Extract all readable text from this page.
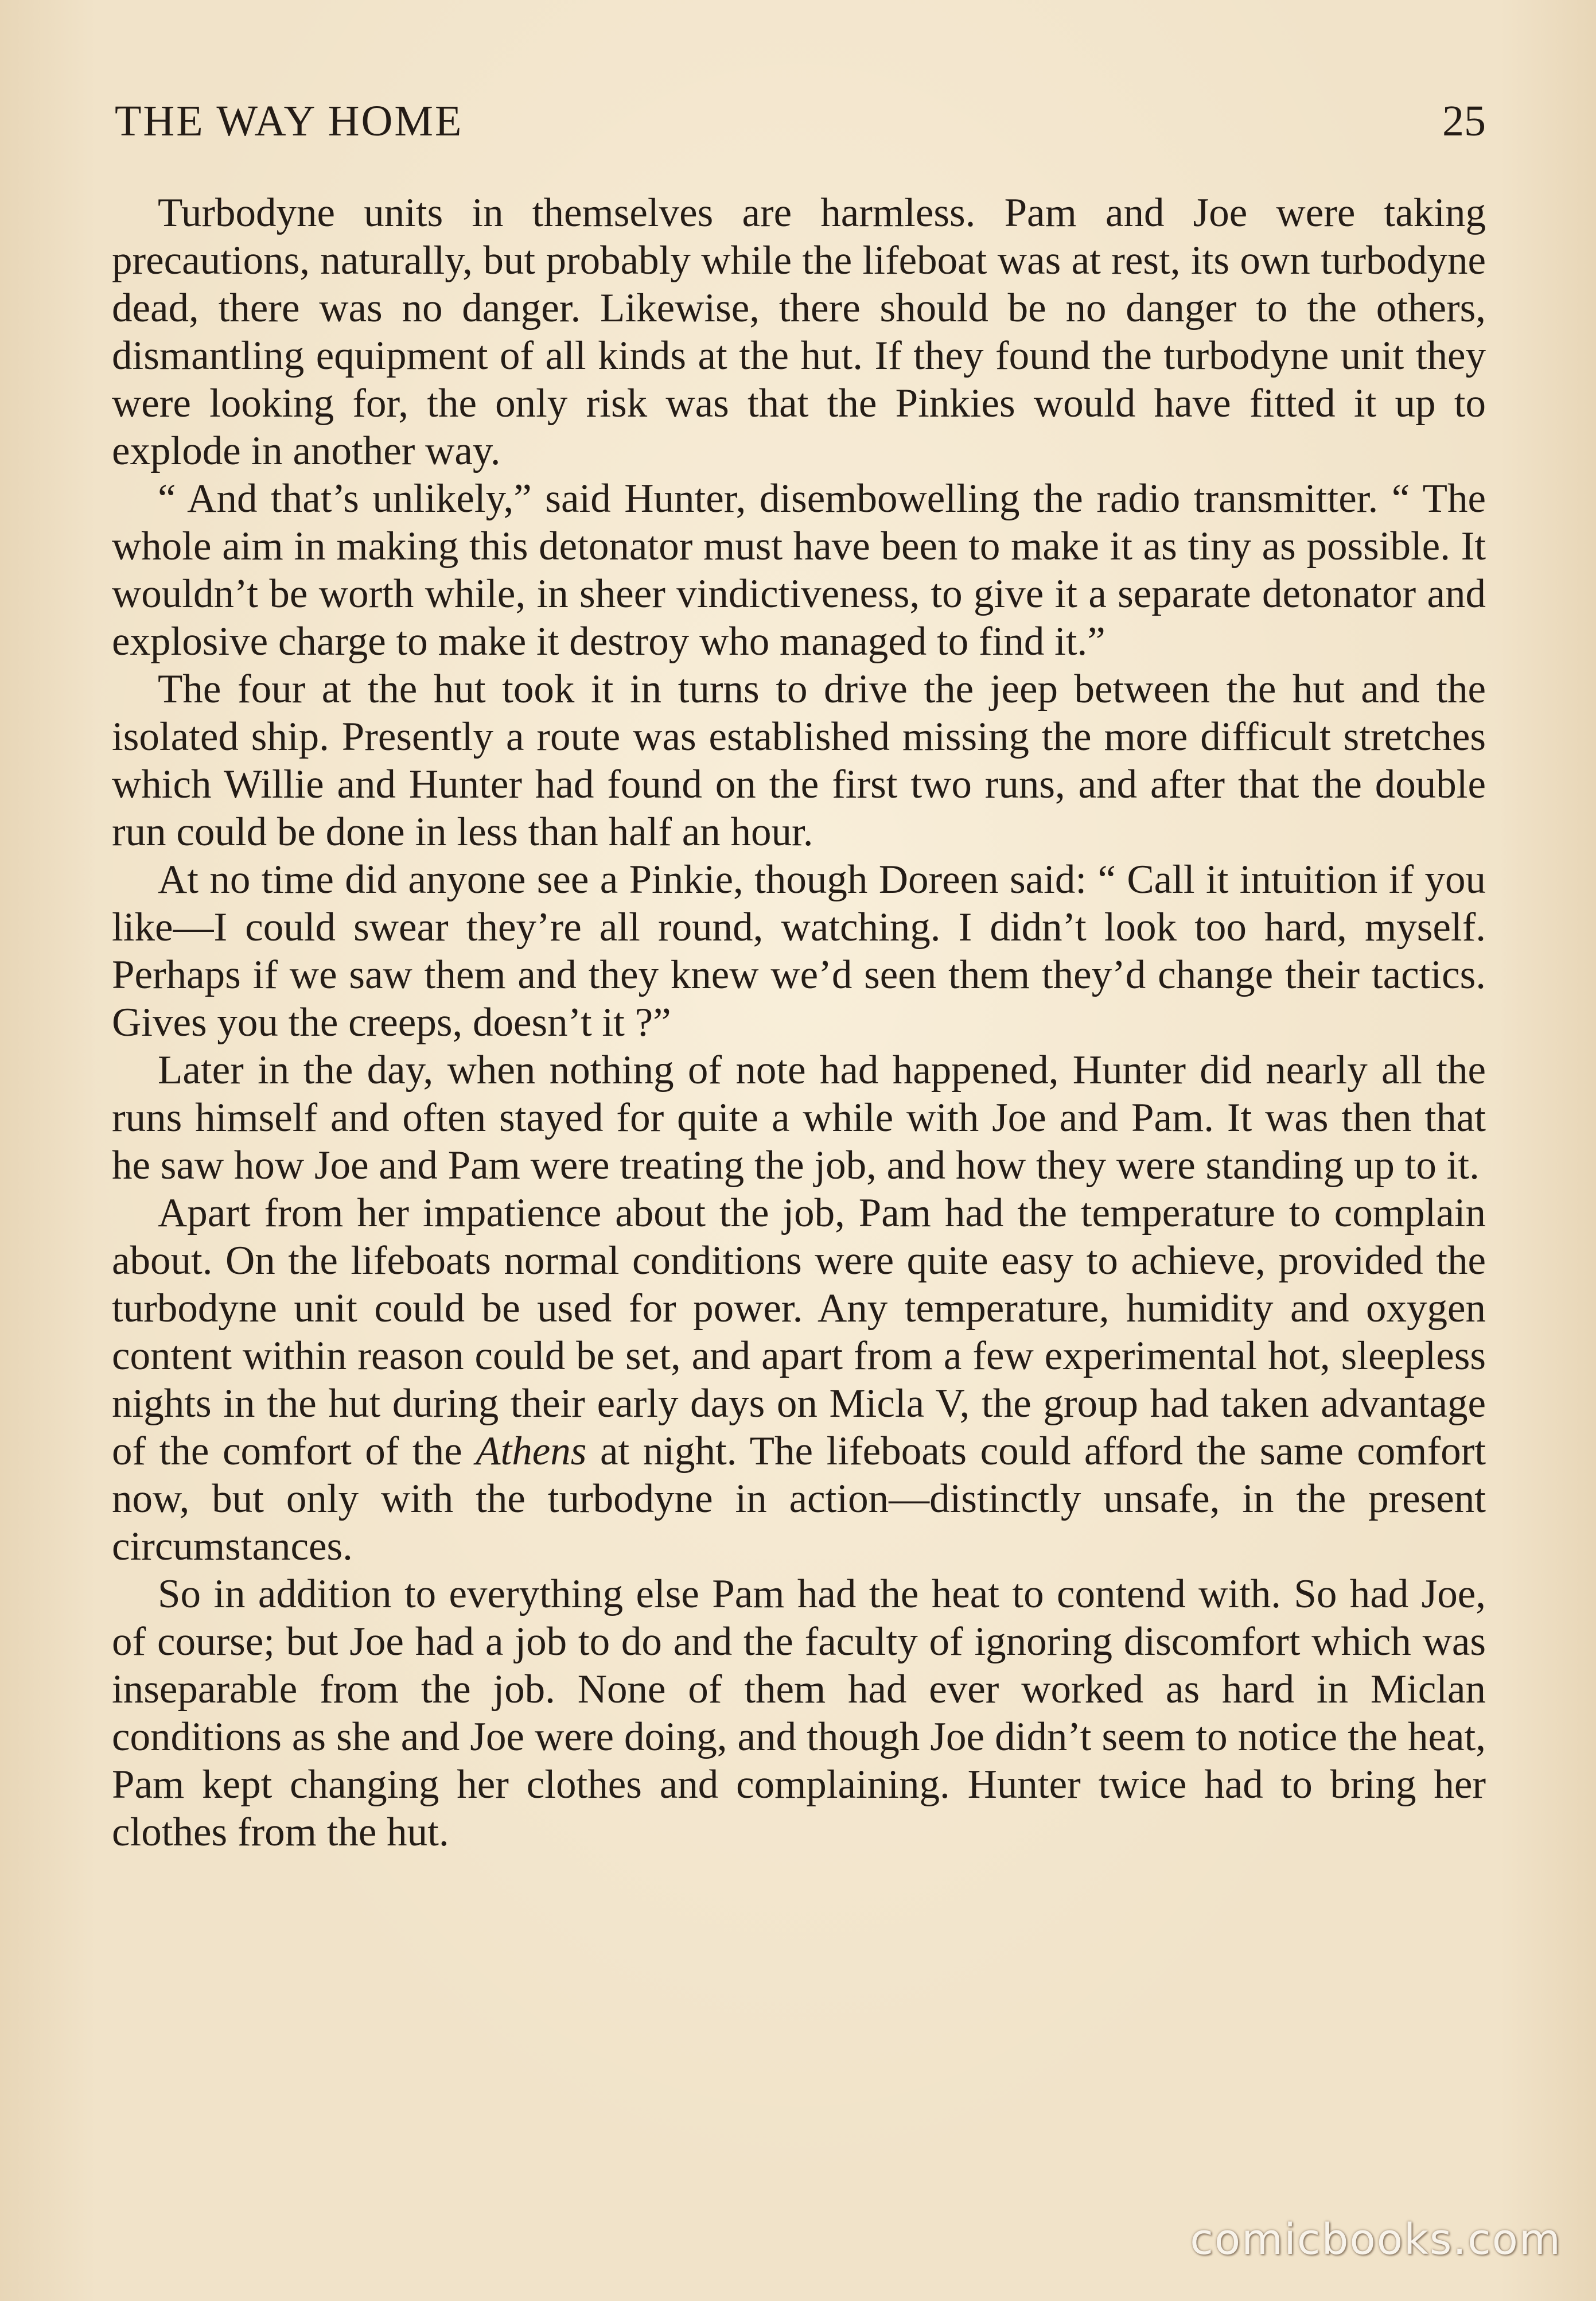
THE WAY HOME	25

Turbodyne units in themselves are harmless. Pam and Joe were taking precautions, naturally, but probably while the lifeboat was at rest, its own turbodyne dead, there was no danger. Likewise, there should be no danger to the others, dismantling equipment of all kinds at the hut. If they found the turbodyne unit they were looking for, the only risk was that the Pinkies would have fitted it up to explode in another way.

“ And that’s unlikely,” said Hunter, disembowelling the radio transmitter. “ The whole aim in making this detonator must have been to make it as tiny as possible. It wouldn’t be worth while, in sheer vindictiveness, to give it a separate detonator and explosive charge to make it destroy who managed to find it.”

The four at the hut took it in turns to drive the jeep between the hut and the isolated ship. Presently a route was established missing the more difficult stretches which Willie and Hunter had found on the first two runs, and after that the double run could be done in less than half an hour.

At no time did anyone see a Pinkie, though Doreen said: “ Call it intuition if you like—I could swear they’re all round, watching. I didn’t look too hard, myself. Perhaps if we saw them and they knew we’d seen them they’d change their tactics. Gives you the creeps, doesn’t it ?”

Later in the day, when nothing of note had happened, Hunter did nearly all the runs himself and often stayed for quite a while with Joe and Pam. It was then that he saw how Joe and Pam were treating the job, and how they were standing up to it.

Apart from her impatience about the job, Pam had the temperature to complain about. On the lifeboats normal conditions were quite easy to achieve, provided the turbodyne unit could be used for power. Any temperature, humidity and oxygen content within reason could be set, and apart from a few experimental hot, sleepless nights in the hut during their early days on Micla V, the group had taken advantage of the comfort of the Athens at night. The lifeboats could afford the same comfort now, but only with the turbodyne in action—distinctly unsafe, in the present circumstances.

So in addition to everything else Pam had the heat to contend with. So had Joe, of course; but Joe had a job to do and the faculty of ignoring discomfort which was inseparable from the job. None of them had ever worked as hard in Miclan conditions as she and Joe were doing, and though Joe didn’t seem to notice the heat, Pam kept changing her clothes and complaining. Hunter twice had to bring her clothes from the hut.

comicbooks.com
